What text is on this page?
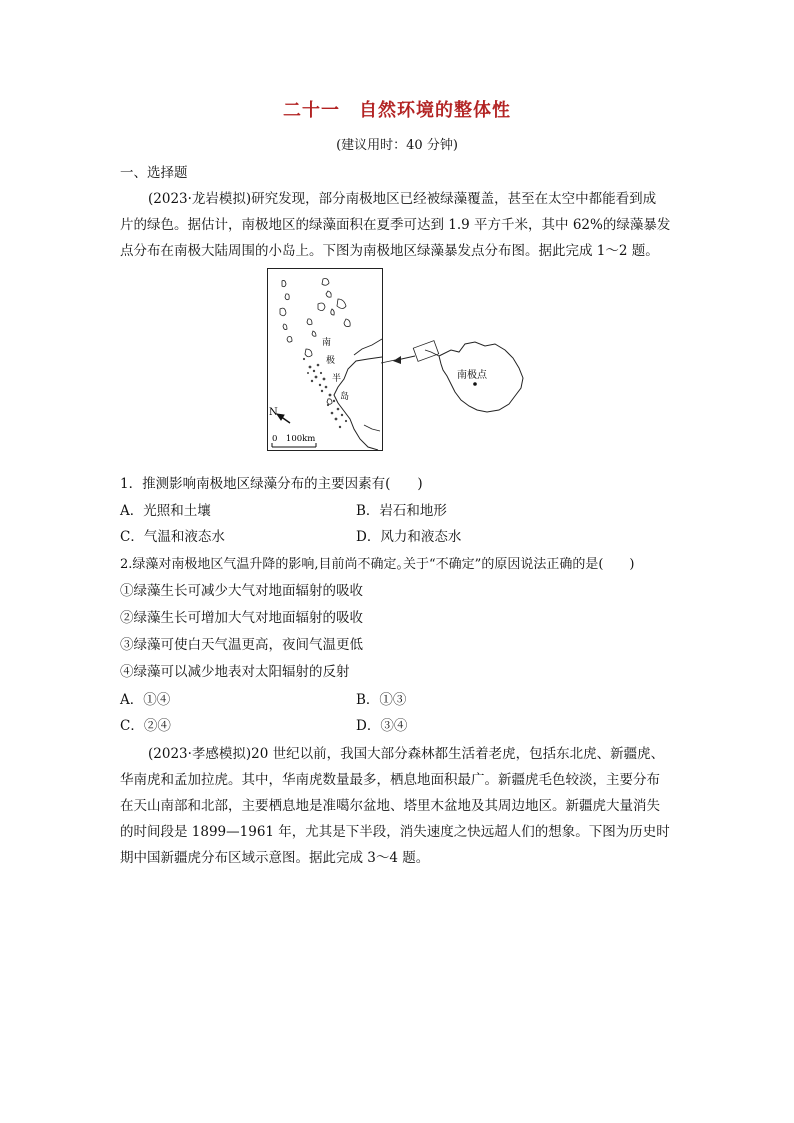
二十一　自然环境的整体性
(建议用时：40 分钟)
一、选择题
(2023·龙岩模拟)研究发现，部分南极地区已经被绿藻覆盖，甚至在太空中都能看到成
片的绿色。据估计，南极地区的绿藻面积在夏季可达到 1.9 平方千米，其中 62%的绿藻暴发
点分布在南极大陆周围的小岛上。下图为南极地区绿藻暴发点分布图。据此完成 1～2 题。
N
0　100km
南
极
半
岛
南极点
1．推测影响南极地区绿藻分布的主要因素有(　　)
A．光照和土壤	B．岩石和地形
C．气温和液态水	D．风力和液态水
2.绿藻对南极地区气温升降的影响,目前尚不确定｡关于“不确定”的原因说法正确的是(　　)
①绿藻生长可减少大气对地面辐射的吸收
②绿藻生长可增加大气对地面辐射的吸收
③绿藻可使白天气温更高，夜间气温更低
④绿藻可以减少地表对太阳辐射的反射
A．①④	B．①③
C．②④	D．③④
(2023·孝感模拟)20 世纪以前，我国大部分森林都生活着老虎，包括东北虎、新疆虎、
华南虎和孟加拉虎。其中，华南虎数量最多，栖息地面积最广。新疆虎毛色较淡，主要分布
在天山南部和北部，主要栖息地是准噶尔盆地、塔里木盆地及其周边地区。新疆虎大量消失
的时间段是 1899—1961 年，尤其是下半段，消失速度之快远超人们的想象。下图为历史时
期中国新疆虎分布区域示意图。据此完成 3～4 题。
